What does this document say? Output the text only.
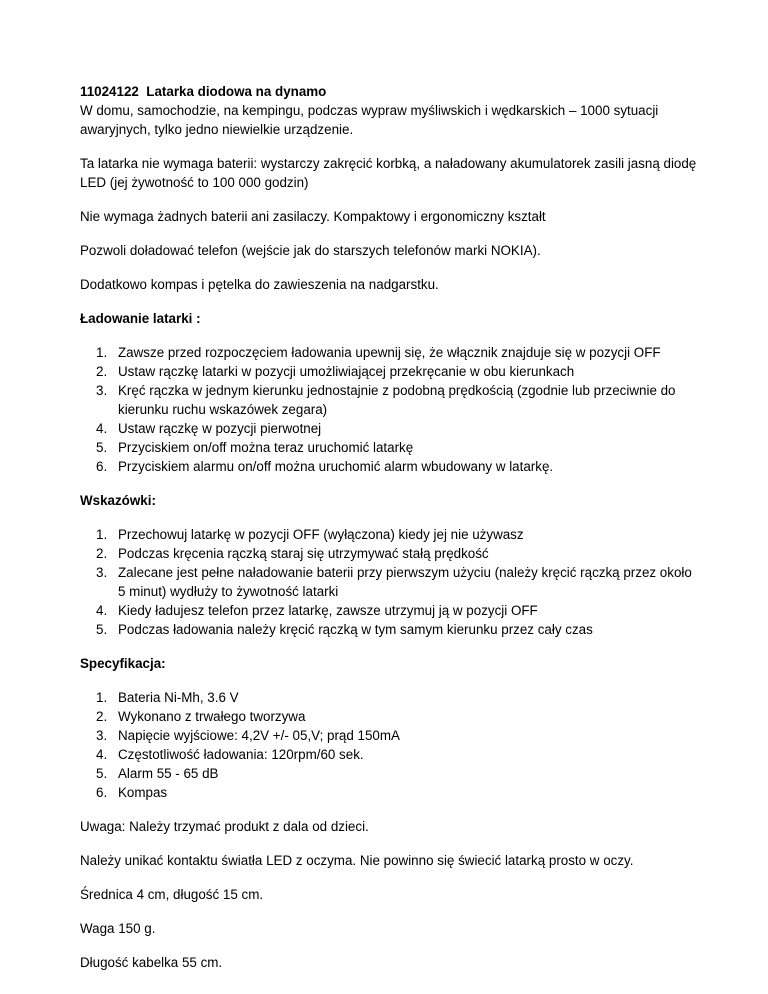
11024122 Latarka diodowa na dynamo

W domu, samochodzie, na kempingu, podczas wypraw myśliwskich i wędkarskich – 1000 sytuacji awaryjnych, tylko jedno niewielkie urządzenie.

Ta latarka nie wymaga baterii: wystarczy zakręcić korbką, a naładowany akumulatorek zasili jasną diodę LED (jej żywotność to 100 000 godzin)

Nie wymaga żadnych baterii ani zasilaczy. Kompaktowy i ergonomiczny kształt

Pozwoli doładować telefon (wejście jak do starszych telefonów marki NOKIA).

Dodatkowo kompas i pętelka do zawieszenia na nadgarstku.

Ładowanie latarki :
1. Zawsze przed rozpoczęciem ładowania upewnij się, że włącznik znajduje się w pozycji OFF
2. Ustaw rączkę latarki w pozycji umożliwiającej przekręcanie w obu kierunkach
3. Kręć rączka w jednym kierunku jednostajnie z podobną prędkością (zgodnie lub przeciwnie do kierunku ruchu wskazówek zegara)
4. Ustaw rączkę w pozycji pierwotnej
5. Przyciskiem on/off można teraz uruchomić latarkę
6. Przyciskiem alarmu on/off można uruchomić alarm wbudowany w latarkę.
Wskazówki:
1. Przechowuj latarkę w pozycji OFF (wyłączona) kiedy jej nie używasz
2. Podczas kręcenia rączką staraj się utrzymywać stałą prędkość
3. Zalecane jest pełne naładowanie baterii przy pierwszym użyciu (należy kręcić rączką przez około 5 minut) wydłuży to żywotność latarki
4. Kiedy ładujesz telefon przez latarkę, zawsze utrzymuj ją w pozycji OFF
5. Podczas ładowania należy kręcić rączką w tym samym kierunku przez cały czas
Specyfikacja:
1. Bateria Ni-Mh, 3.6 V
2. Wykonano z trwałego tworzywa
3. Napięcie wyjściowe: 4,2V +/- 05,V; prąd 150mA
4. Częstotliwość ładowania: 120rpm/60 sek.
5. Alarm 55 - 65 dB
6. Kompas

Uwaga: Należy trzymać produkt z dala od dzieci.

Należy unikać kontaktu światła LED z oczyma. Nie powinno się świecić latarką prosto w oczy.

Średnica 4 cm, długość 15 cm.

Waga 150 g.

Długość kabelka 55 cm.
